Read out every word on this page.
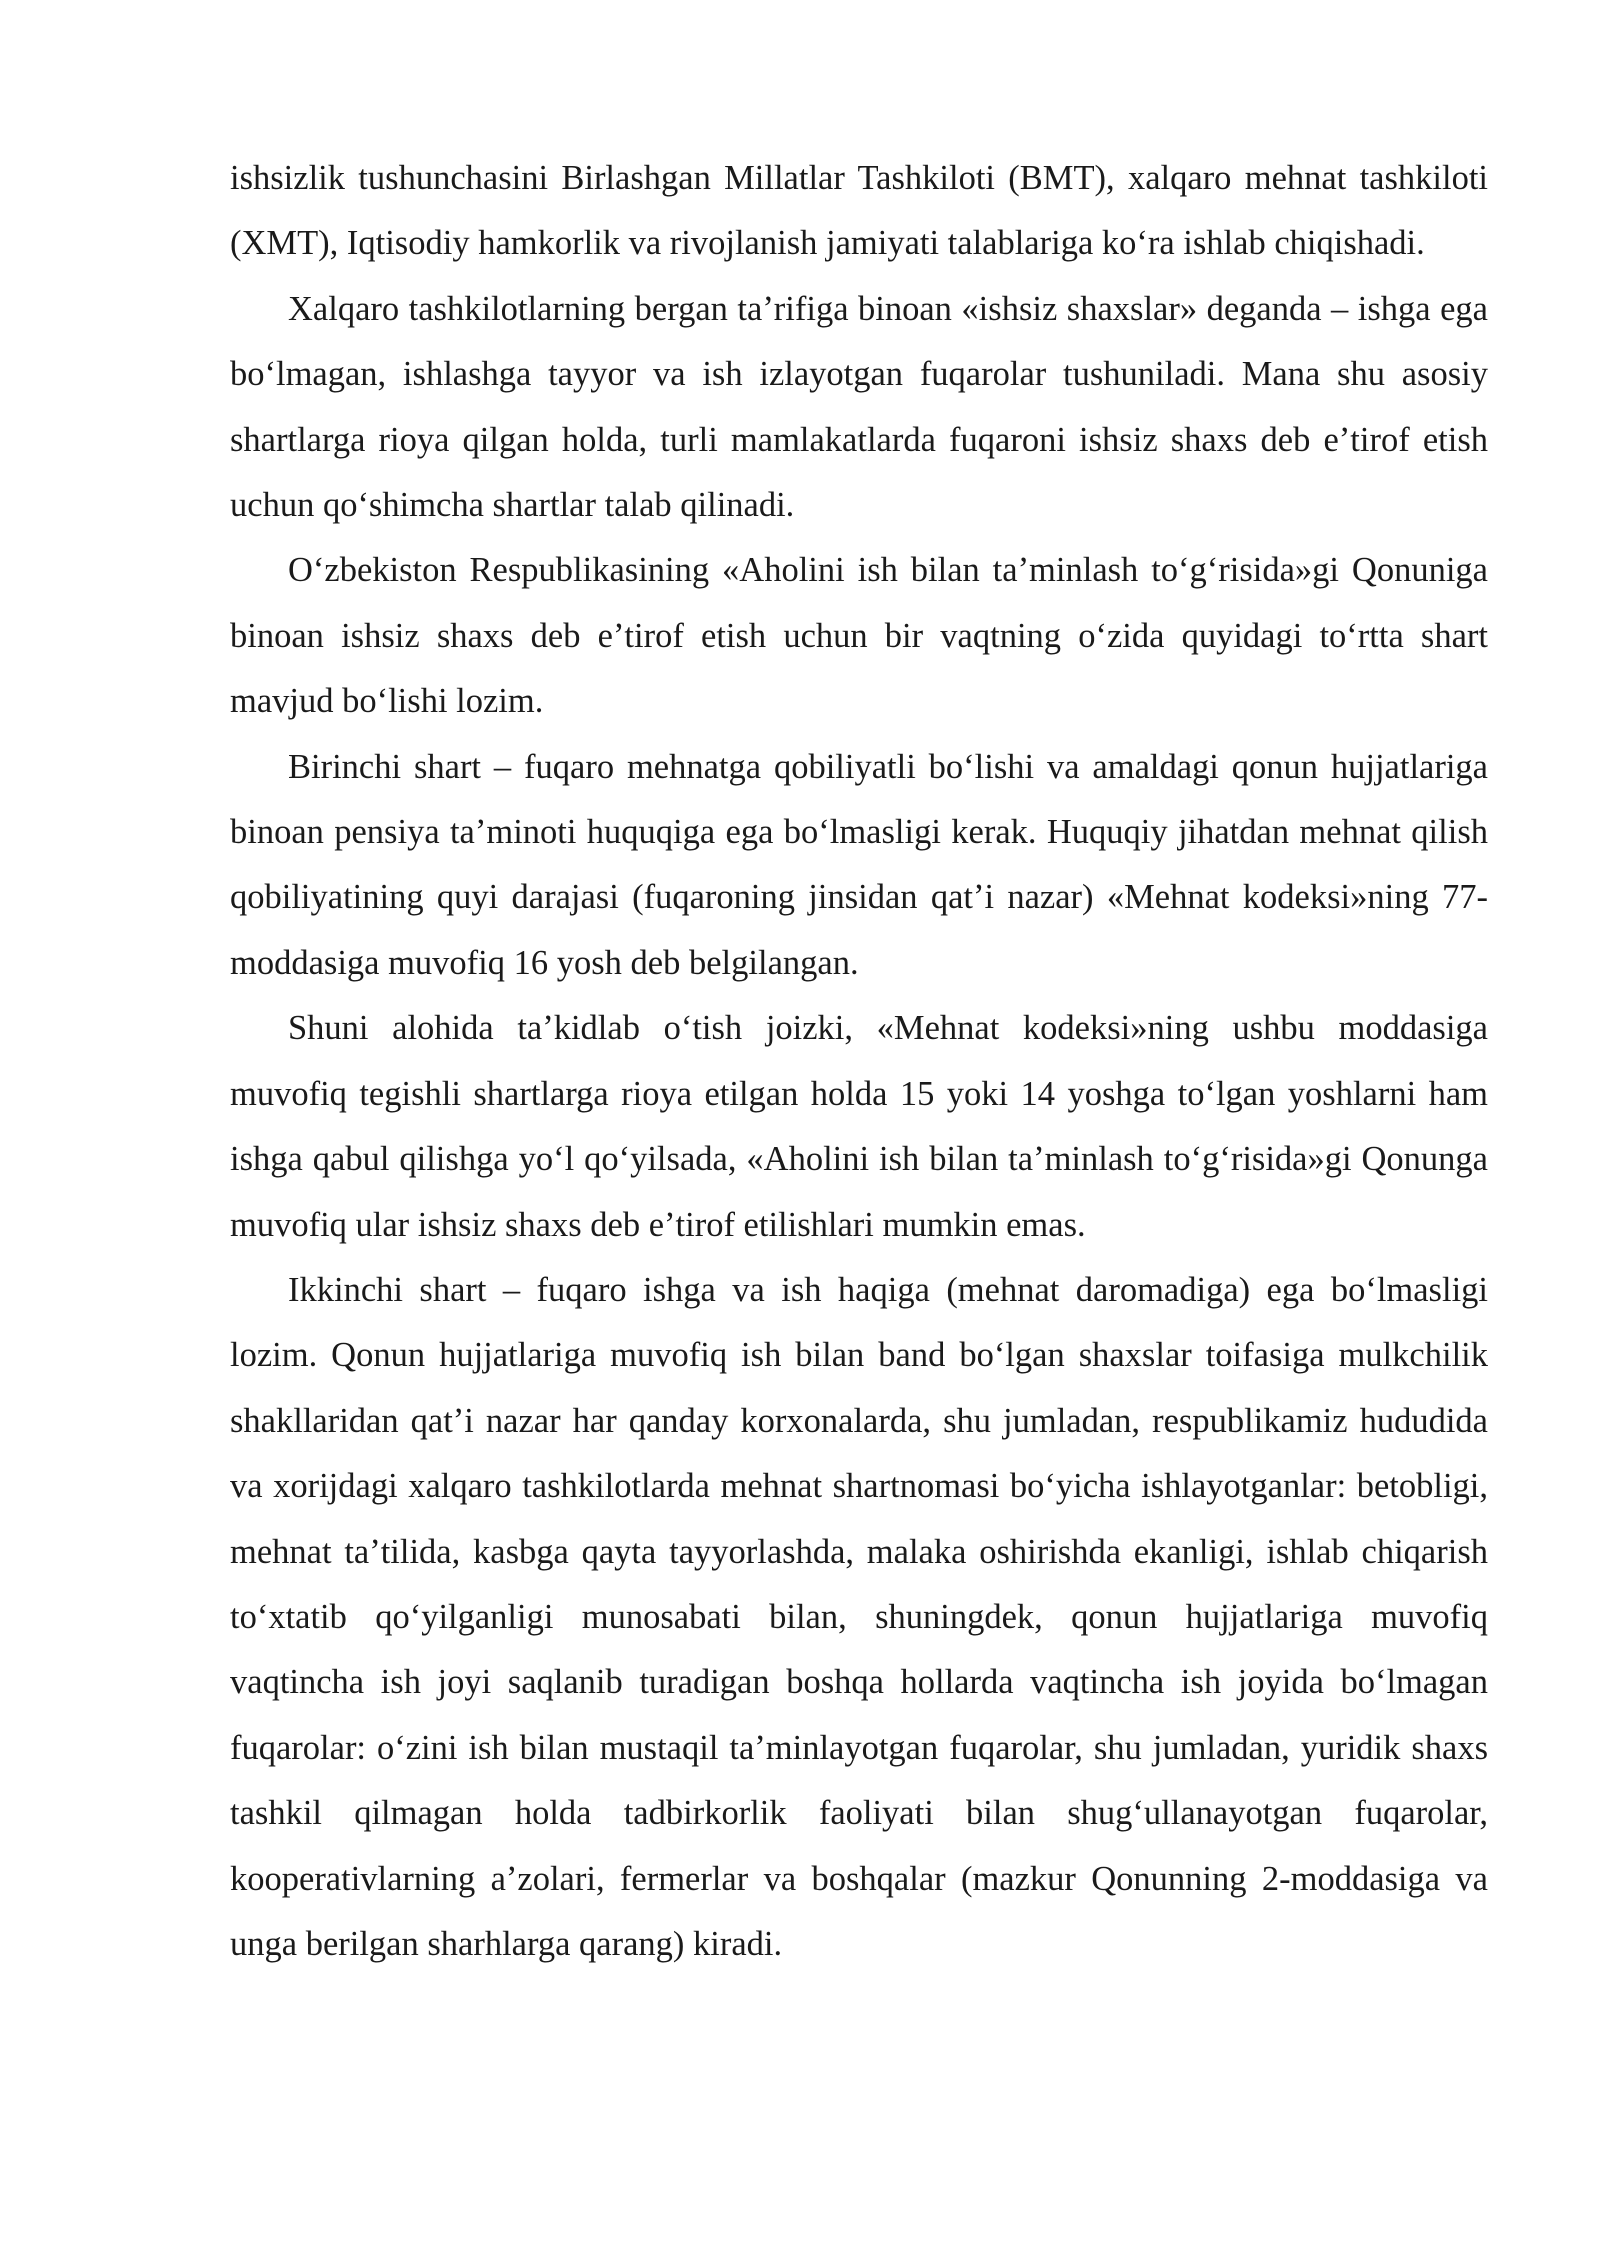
ishsizlik tushunchasini Birlashgan Millatlar Tashkiloti (BMT), xalqaro mehnat tashkiloti (XMT), Iqtisodiy hamkorlik va rivojlanish jamiyati talablariga koʻra ishlab chiqishadi.

Xalqaro tashkilotlarning bergan taʼrifiga binoan «ishsiz shaxslar» deganda – ishga ega boʻlmagan, ishlashga tayyor va ish izlayotgan fuqarolar tushuniladi. Mana shu asosiy shartlarga rioya qilgan holda, turli mamlakatlarda fuqaroni ishsiz shaxs deb eʼtirof etish uchun qoʻshimcha shartlar talab qilinadi.

Oʻzbekiston Respublikasining «Aholini ish bilan taʼminlash toʻgʻrisida»gi Qonuniga binoan ishsiz shaxs deb eʼtirof etish uchun bir vaqtning oʻzida quyidagi toʻrtta shart mavjud boʻlishi lozim.

Birinchi shart – fuqaro mehnatga qobiliyatli boʻlishi va amaldagi qonun hujjatlariga binoan pensiya taʼminoti huquqiga ega boʻlmasligi kerak. Huquqiy jihatdan mehnat qilish qobiliyatining quyi darajasi (fuqaroning jinsidan qatʼi nazar) «Mehnat kodeksi»ning 77-moddasiga muvofiq 16 yosh deb belgilangan.

Shuni alohida taʼkidlab oʻtish joizki, «Mehnat kodeksi»ning ushbu moddasiga muvofiq tegishli shartlarga rioya etilgan holda 15 yoki 14 yoshga toʻlgan yoshlarni ham ishga qabul qilishga yoʻl qoʻyilsada, «Aholini ish bilan taʼminlash toʻgʻrisida»gi Qonunga muvofiq ular ishsiz shaxs deb eʼtirof etilishlari mumkin emas.

Ikkinchi shart – fuqaro ishga va ish haqiga (mehnat daromadiga) ega boʻlmasligi lozim. Qonun hujjatlariga muvofiq ish bilan band boʻlgan shaxslar toifasiga mulkchilik shakllaridan qatʼi nazar har qanday korxonalarda, shu jumladan, respublikamiz hududida va xorijdagi xalqaro tashkilotlarda mehnat shartnomasi boʻyicha ishlayotganlar: betobligi, mehnat taʼtilida, kasbga qayta tayyorlashda, malaka oshirishda ekanligi, ishlab chiqarish toʻxtatib qoʻyilganligi munosabati bilan, shuningdek, qonun hujjatlariga muvofiq vaqtincha ish joyi saqlanib turadigan boshqa hollarda vaqtincha ish joyida boʻlmagan fuqarolar: oʻzini ish bilan mustaqil taʼminlayotgan fuqarolar, shu jumladan, yuridik shaxs tashkil qilmagan holda tadbirkorlik faoliyati bilan shugʻullanayotgan fuqarolar, kooperativlarning aʼzolari, fermerlar va boshqalar (mazkur Qonunning 2-moddasiga va unga berilgan sharhlarga qarang) kiradi.
